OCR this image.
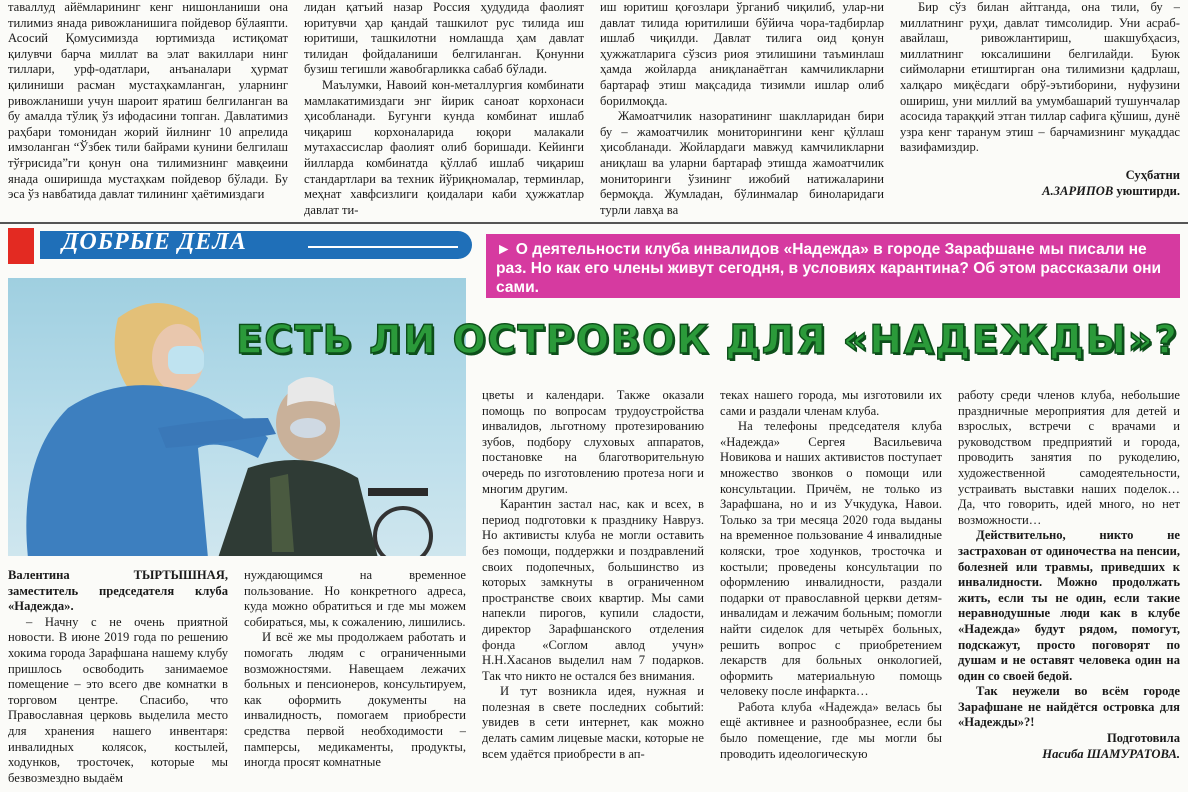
таваллуд айёмларининг кенг нишонланиши она тилимиз янада ривожланишига пойдевор бўлаяпти. Асосий Қомусимизда юртимизда истиқомат қилувчи барча миллат ва элат вакиллари нинг тиллари, урф-одатлари, анъаналари ҳурмат қилиниши расман мустаҳкамланган, уларнинг ривожланиши учун шароит яратиш белгиланган ва бу амалда тўлиқ ўз ифодасини топган. Давлатимиз раҳбари томонидан жорий йилнинг 10 апрелида имзоланган “Ўзбек тили байрами кунини белгилаш тўғрисида”ги қонун она тилимизнинг мавқеини янада оширишда мустаҳкам пойдевор бўлади. Бу эса ўз навбатида давлат тилининг ҳаётимиздаги

лидан қатъий назар Россия ҳудудида фаолият юритувчи ҳар қандай ташкилот рус тилида иш юритиши, ташкилотни номлашда ҳам давлат тилидан фойдаланиши белгиланган. Қонунни бузиш тегишли жавобгарликка сабаб бўлади.

Маълумки, Навоий кон-металлургия комбинати мамлакатимиздаги энг йирик саноат корхонаси ҳисобланади. Бугунги кунда комбинат ишлаб чиқариш корхоналарида юқори малакали мутахассислар фаолият олиб боришади. Кейинги йилларда комбинатда қўллаб ишлаб чиқариш стандартлари ва техник йўриқномалар, терминлар, меҳнат хавфсизлиги қоидалари каби ҳужжатлар давлат ти-

иш юритиш қоғозлари ўрганиб чиқилиб, улар-ни давлат тилида юритилиши бўйича чора-тадбирлар ишлаб чиқилди. Давлат тилига оид қонун ҳужжатларига сўзсиз риоя этилишини таъминлаш ҳамда жойларда аниқланаётган камчиликларни бартараф этиш мақсадида тизимли ишлар олиб борилмоқда.

Жамоатчилик назоратининг шаклларидан бири бу – жамоатчилик мониторингини кенг қўллаш ҳисобланади. Жойлардаги мавжуд камчиликларни аниқлаш ва уларни бартараф этишда жамоатчилик мониторинги ўзининг ижобий натижаларини бермоқда. Жумладан, бўлинмалар биноларидаги турли лавҳа ва

Бир сўз билан айтганда, она тили, бу – миллатнинг руҳи, давлат тимсолидир. Уни асраб-авайлаш, ривожлантириш, шакшубҳасиз, миллатнинг юксалишини белгилайди. Буюк сиймоларни етиштирган она тилимизни қадрлаш, халқаро миқёсдаги обрў-эътиборини, нуфузини ошириш, уни миллий ва умумбашарий тушунчалар асосида тараққий этган тиллар сафига қўшиш, дунё узра кенг таранум этиш – барчамизнинг муқаддас вазифамиздир.

Суҳбатни
А.ЗАРИПОВ уюштирди.
ДОБРЫЕ ДЕЛА	► О деятельности клуба инвалидов «Надежда» в городе Зарафшане мы писали не раз. Но как его члены живут сегодня, в условиях карантина? Об этом рассказали они сами.
ЕСТЬ ЛИ ОСТРОВОК ДЛЯ «НАДЕЖДЫ»?

Валентина ТЫРТЫШНАЯ, заместитель председателя клуба «Надежда».

– Начну с не очень приятной новости. В июне 2019 года по решению хокима города Зарафшана нашему клубу пришлось освободить занимаемое помещение – это всего две комнатки в торговом центре. Спасибо, что Православная церковь выделила место для хранения нашего инвентаря: инвалидных колясок, костылей, ходунков, тросточек, которые мы безвозмездно выдаём

нуждающимся на временное пользование. Но конкретного адреса, куда можно обратиться и где мы можем собираться, мы, к сожалению, лишились.

И всё же мы продолжаем работать и помогать людям с ограниченными возможностями. Навещаем лежачих больных и пенсионеров, консультируем, как оформить документы на инвалидность, помогаем приобрести средства первой необходимости – памперсы, медикаменты, продукты, иногда просят комнатные

цветы и календари. Также оказали помощь по вопросам трудоустройства инвалидов, льготному протезированию зубов, подбору слуховых аппаратов, постановке на благотворительную очередь по изготовлению протеза ноги и многим другим.

Карантин застал нас, как и всех, в период подготовки к празднику Навруз. Но активисты клуба не могли оставить без помощи, поддержки и поздравлений своих подопечных, большинство из которых замкнуты в ограниченном пространстве своих квартир. Мы сами напекли пирогов, купили сладости, директор Зарафшанского отделения фонда «Соглом авлод учун» Н.Н.Хасанов выделил нам 7 подарков. Так что никто не остался без внимания.

И тут возникла идея, нужная и полезная в свете последних событий: увидев в сети интернет, как можно делать самим лицевые маски, которые не всем удаётся приобрести в ап-

теках нашего города, мы изготовили их сами и раздали членам клуба.

На телефоны председателя клуба «Надежда» Сергея Васильевича Новикова и наших активистов поступает множество звонков о помощи или консультации. Причём, не только из Зарафшана, но и из Учкудука, Навои. Только за три месяца 2020 года выданы на временное пользование 4 инвалидные коляски, трое ходунков, тросточка и костыли; проведены консультации по оформлению инвалидности, раздали подарки от православной церкви детям-инвалидам и лежачим больным; помогли найти сиделок для четырёх больных, решить вопрос с приобретением лекарств для больных онкологией, оформить материальную помощь человеку после инфаркта…

Работа клуба «Надежда» велась бы ещё активнее и разнообразнее, если бы было помещение, где мы могли бы проводить идеологическую

работу среди членов клуба, небольшие праздничные мероприятия для детей и взрослых, встречи с врачами и руководством предприятий и города, проводить занятия по рукоделию, художественной самодеятельности, устраивать выставки наших поделок… Да, что говорить, идей много, но нет возможности…

Действительно, никто не застрахован от одиночества на пенсии, болезней или травмы, приведших к инвалидности. Можно продолжать жить, если ты не один, если такие неравнодушные люди как в клубе «Надежда» будут рядом, помогут, подскажут, просто поговорят по душам и не оставят человека один на один со своей бедой.

Так неужели во всём городе Зарафшане не найдётся островка для «Надежды»?!

Подготовила
Насиба ШАМУРАТОВА.
